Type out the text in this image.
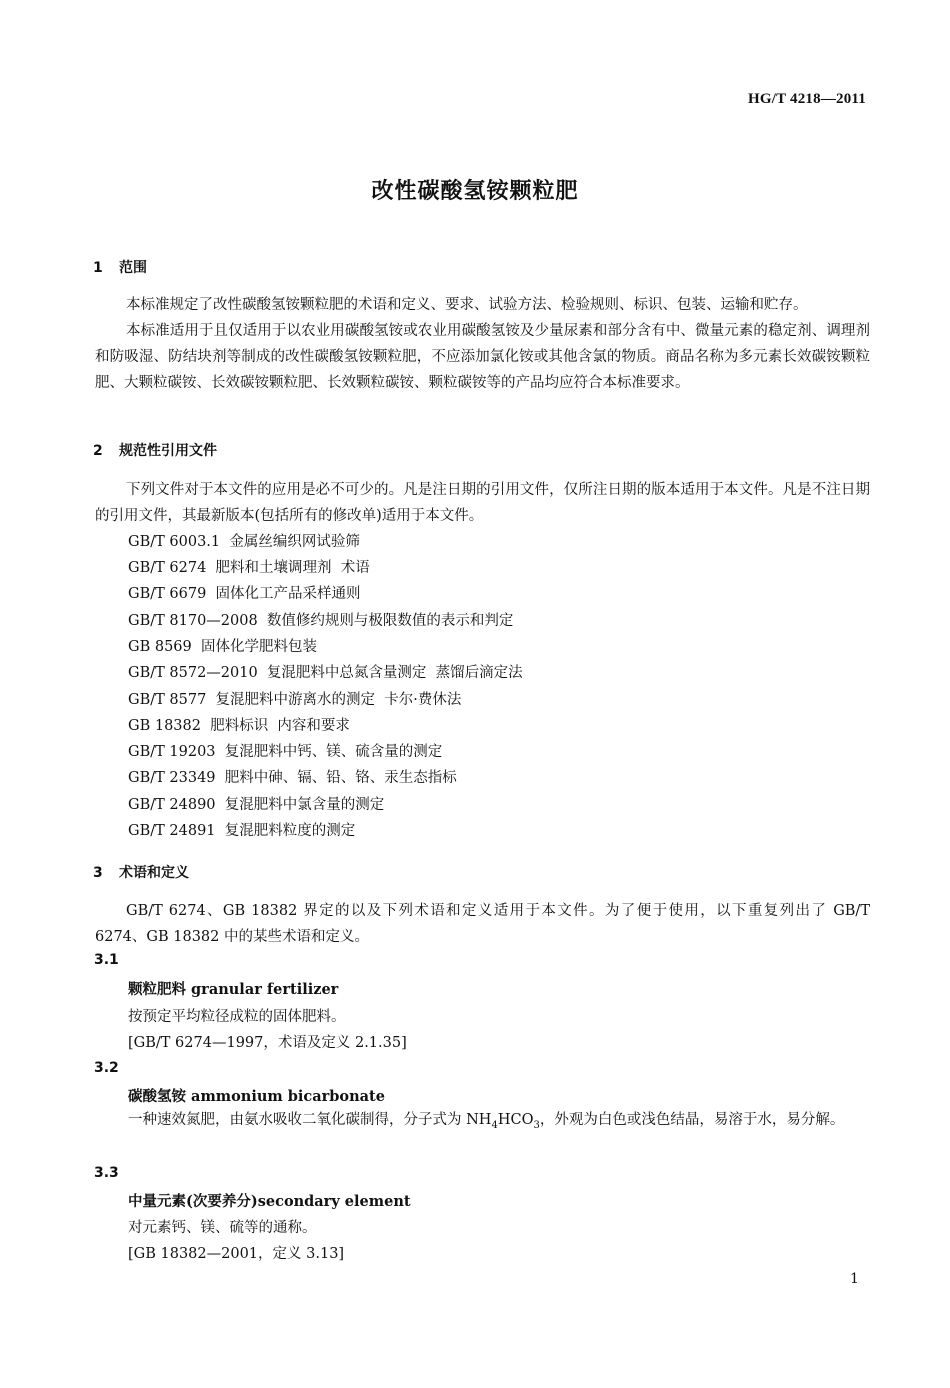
HG/T 4218—2011
改性碳酸氢铵颗粒肥
1 范围
本标准规定了改性碳酸氢铵颗粒肥的术语和定义、要求、试验方法、检验规则、标识、包装、运输和贮存。
本标准适用于且仅适用于以农业用碳酸氢铵或农业用碳酸氢铵及少量尿素和部分含有中、微量元素的稳定剂、调理剂和防吸湿、防结块剂等制成的改性碳酸氢铵颗粒肥，不应添加氯化铵或其他含氯的物质。商品名称为多元素长效碳铵颗粒肥、大颗粒碳铵、长效碳铵颗粒肥、长效颗粒碳铵、颗粒碳铵等的产品均应符合本标准要求。
2 规范性引用文件
下列文件对于本文件的应用是必不可少的。凡是注日期的引用文件，仅所注日期的版本适用于本文件。凡是不注日期的引用文件，其最新版本(包括所有的修改单)适用于本文件。
GB/T 6003.1  金属丝编织网试验筛
GB/T 6274  肥料和土壤调理剂  术语
GB/T 6679  固体化工产品采样通则
GB/T 8170—2008  数值修约规则与极限数值的表示和判定
GB 8569  固体化学肥料包装
GB/T 8572—2010  复混肥料中总氮含量测定  蒸馏后滴定法
GB/T 8577  复混肥料中游离水的测定  卡尔·费休法
GB 18382  肥料标识  内容和要求
GB/T 19203  复混肥料中钙、镁、硫含量的测定
GB/T 23349  肥料中砷、镉、铅、铬、汞生态指标
GB/T 24890  复混肥料中氯含量的测定
GB/T 24891  复混肥料粒度的测定
3 术语和定义
GB/T 6274、GB 18382 界定的以及下列术语和定义适用于本文件。为了便于使用，以下重复列出了 GB/T 6274、GB 18382 中的某些术语和定义。
3.1
颗粒肥料 granular fertilizer
按预定平均粒径成粒的固体肥料。
[GB/T 6274—1997，术语及定义 2.1.35]
3.2
碳酸氢铵 ammonium bicarbonate
一种速效氮肥，由氨水吸收二氧化碳制得，分子式为 $NH_4HCO_3$，外观为白色或浅色结晶，易溶于水，易分解。
3.3
中量元素(次要养分)secondary element
对元素钙、镁、硫等的通称。
[GB 18382—2001，定义 3.13]
1
